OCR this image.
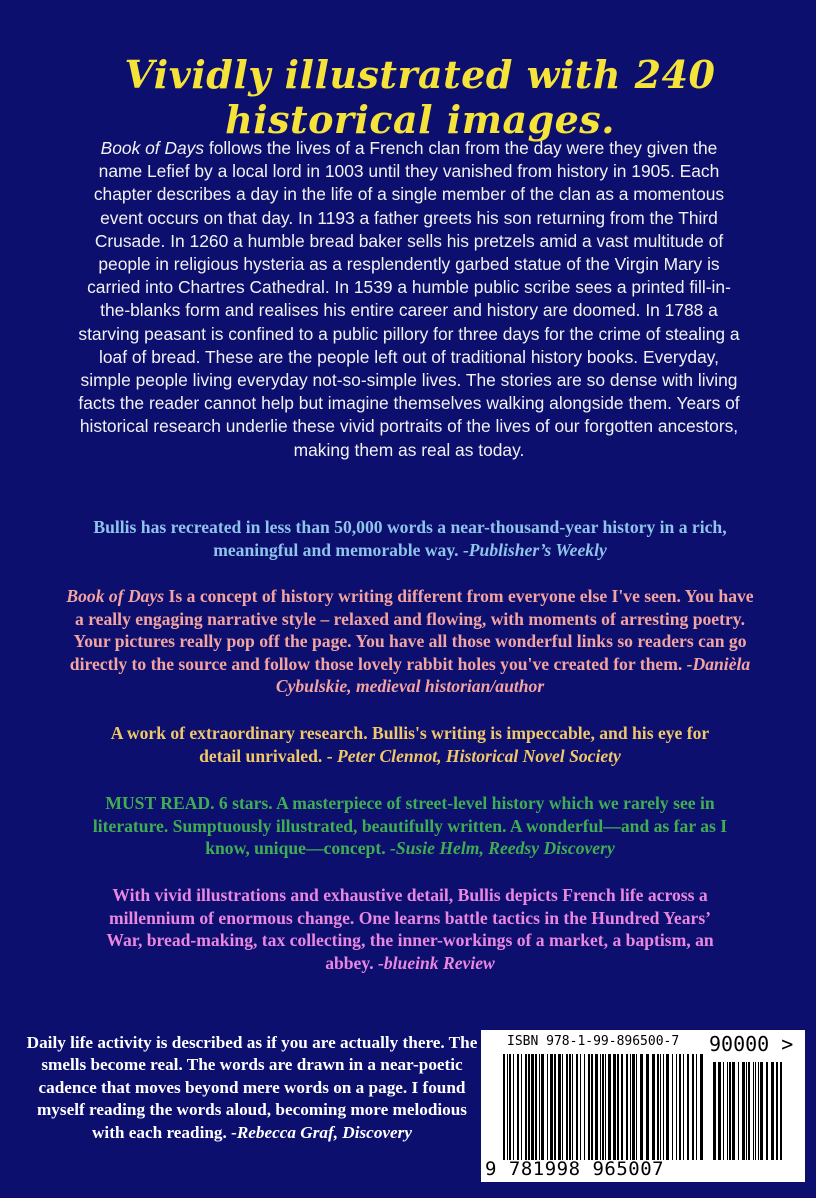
Vividly illustrated with 240 historical images.

Book of Days follows the lives of a French clan from the day were they given the name Lefief by a local lord in 1003 until they vanished from history in 1905. Each chapter describes a day in the life of a single member of the clan as a momentous event occurs on that day. In 1193 a father greets his son returning from the Third Crusade. In 1260 a humble bread baker sells his pretzels amid a vast multitude of people in religious hysteria as a resplendently garbed statue of the Virgin Mary is carried into Chartres Cathedral. In 1539 a humble public scribe sees a printed fill-in-the-blanks form and realises his entire career and history are doomed. In 1788 a starving peasant is confined to a public pillory for three days for the crime of stealing a loaf of bread. These are the people left out of traditional history books. Everyday, simple people living everyday not-so-simple lives. The stories are so dense with living facts the reader cannot help but imagine themselves walking alongside them. Years of historical research underlie these vivid portraits of the lives of our forgotten ancestors, making them as real as today.

Bullis has recreated in less than 50,000 words a near-thousand-year history in a rich, meaningful and memorable way. -Publisher’s Weekly

Book of Days Is a concept of history writing different from everyone else I've seen. You have a really engaging narrative style – relaxed and flowing, with moments of arresting poetry. Your pictures really pop off the page. You have all those wonderful links so readers can go directly to the source and follow those lovely rabbit holes you've created for them. -Danièla Cybulskie, medieval historian/author

A work of extraordinary research. Bullis's writing is impeccable, and his eye for detail unrivaled. - Peter Clennot, Historical Novel Society

MUST READ. 6 stars. A masterpiece of street-level history which we rarely see in literature. Sumptuously illustrated, beautifully written. A wonderful—and as far as I know, unique—concept. -Susie Helm, Reedsy Discovery

With vivid illustrations and exhaustive detail, Bullis depicts French life across a millennium of enormous change. One learns battle tactics in the Hundred Years’ War, bread-making, tax collecting, the inner-workings of a market, a baptism, an abbey. -blueink Review

Daily life activity is described as if you are actually there. The smells become real. The words are drawn in a near-poetic cadence that moves beyond mere words on a page. I found myself reading the words aloud, becoming more melodious with each reading. -Rebecca Graf, Discovery

ISBN 978-1-99-896500-7 90000 >
9 781998 965007
